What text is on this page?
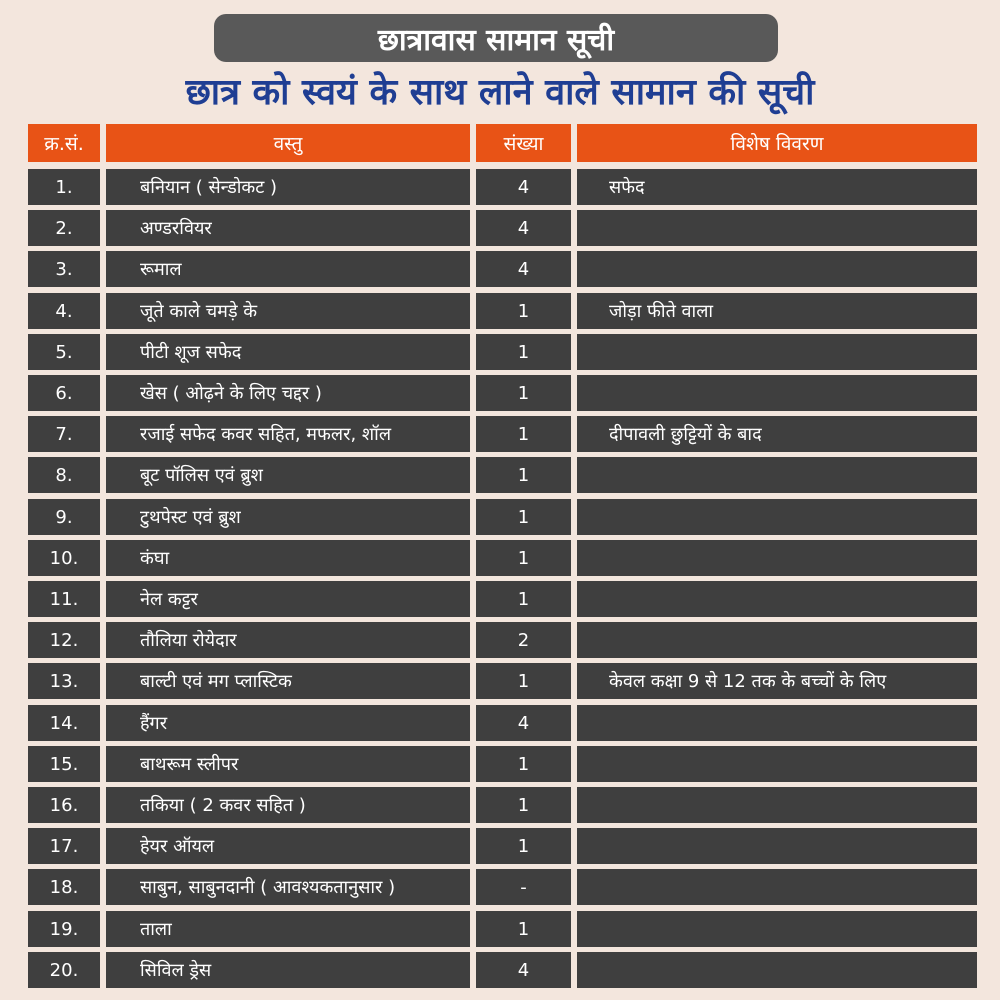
छात्रावास सामान सूची
छात्र को स्वयं के साथ लाने वाले सामान की सूची
क्र.सं.	वस्तु	संख्या	विशेष विवरण
1.	बनियान ( सेन्डोकट )	4	सफेद
2.	अण्डरवियर	4
3.	रूमाल	4
4.	जूते काले चमड़े के	1	जोड़ा फीते वाला
5.	पीटी शूज सफेद	1
6.	खेस ( ओढ़ने के लिए चद्दर )	1
7.	रजाई सफेद कवर सहित, मफलर, शॉल	1	दीपावली छुट्टियों के बाद
8.	बूट पॉलिस एवं ब्रुश	1
9.	टुथपेस्ट एवं ब्रुश	1
10.	कंघा	1
11.	नेल कट्टर	1
12.	तौलिया रोयेदार	2
13.	बाल्टी एवं मग प्लास्टिक	1	केवल कक्षा 9 से 12 तक के बच्चों के लिए
14.	हैंगर	4
15.	बाथरूम स्लीपर	1
16.	तकिया ( 2 कवर सहित )	1
17.	हेयर ऑयल	1
18.	साबुन, साबुनदानी ( आवश्यकतानुसार )	-
19.	ताला	1
20.	सिविल ड्रेस	4
